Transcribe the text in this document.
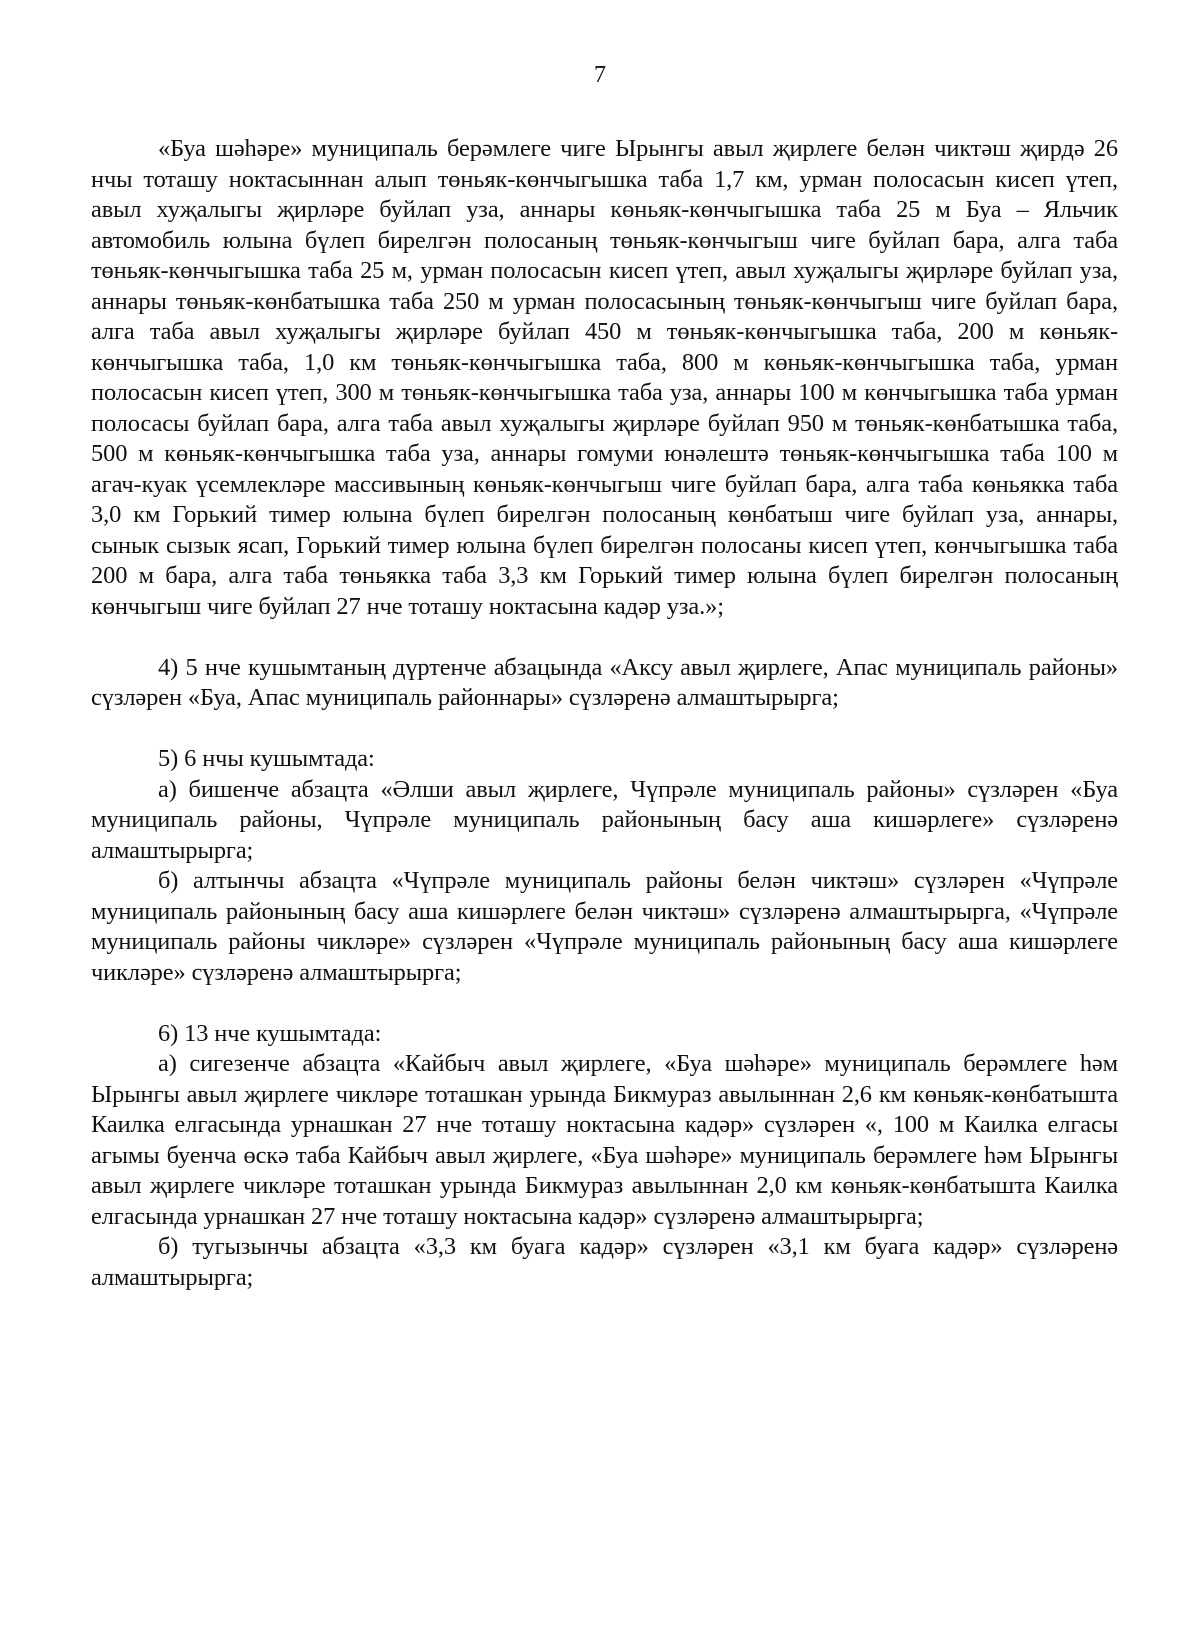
7

«Буа шәһәре» муниципаль берәмлеге чиге Ырынгы авыл җирлеге белән чиктәш җирдә 26 нчы тоташу ноктасыннан алып төньяк-көнчыгышка таба 1,7 км, урман полосасын кисеп үтеп, авыл хуҗалыгы җирләре буйлап уза, аннары көньяк-көнчыгышка таба 25 м Буа – Яльчик автомобиль юлына бүлеп бирелгән полосаның төньяк-көнчыгыш чиге буйлап бара, алга таба төньяк-көнчыгышка таба 25 м, урман полосасын кисеп үтеп, авыл хуҗалыгы җирләре буйлап уза, аннары төньяк-көнбатышка таба 250 м урман полосасының төньяк-көнчыгыш чиге буйлап бара, алга таба авыл хуҗалыгы җирләре буйлап 450 м төньяк-көнчыгышка таба, 200 м көньяк-көнчыгышка таба, 1,0 км төньяк-көнчыгышка таба, 800 м көньяк-көнчыгышка таба, урман полосасын кисеп үтеп, 300 м төньяк-көнчыгышка таба уза, аннары 100 м көнчыгышка таба урман полосасы буйлап бара, алга таба авыл хуҗалыгы җирләре буйлап 950 м төньяк-көнбатышка таба, 500 м көньяк-көнчыгышка таба уза, аннары гомуми юнәлештә төньяк-көнчыгышка таба 100 м агач-куак үсемлекләре массивының көньяк-көнчыгыш чиге буйлап бара, алга таба көньякка таба 3,0 км Горький тимер юлына бүлеп бирелгән полосаның көнбатыш чиге буйлап уза, аннары, сынык сызык ясап, Горький тимер юлына бүлеп бирелгән полосаны кисеп үтеп, көнчыгышка таба 200 м бара, алга таба төньякка таба 3,3 км Горький тимер юлына бүлеп бирелгән полосаның көнчыгыш чиге буйлап 27 нче тоташу ноктасына кадәр уза.»;

4) 5 нче кушымтаның дүртенче абзацында «Аксу авыл җирлеге, Апас муниципаль районы» сүзләрен «Буа, Апас муниципаль районнары» сүзләренә алмаштырырга;

5) 6 нчы кушымтада:

а) бишенче абзацта «Әлши авыл җирлеге, Чүпрәле муниципаль районы» сүзләрен «Буа муниципаль районы, Чүпрәле муниципаль районының басу аша кишәрлеге» сүзләренә алмаштырырга;

б) алтынчы абзацта «Чүпрәле муниципаль районы белән чиктәш» сүзләрен «Чүпрәле муниципаль районының басу аша кишәрлеге белән чиктәш» сүзләренә алмаштырырга, «Чүпрәле муниципаль районы чикләре» сүзләрен «Чүпрәле муниципаль районының басу аша кишәрлеге чикләре» сүзләренә алмаштырырга;

6) 13 нче кушымтада:

а) сигезенче абзацта «Кайбыч авыл җирлеге, «Буа шәһәре» муниципаль берәмлеге һәм Ырынгы авыл җирлеге чикләре тоташкан урында Бикмураз авылыннан 2,6 км көньяк-көнбатышта Каилка елгасында урнашкан 27 нче тоташу ноктасына кадәр» сүзләрен «, 100 м Каилка елгасы агымы буенча өскә таба Кайбыч авыл җирлеге, «Буа шәһәре» муниципаль берәмлеге һәм Ырынгы авыл җирлеге чикләре тоташкан урында Бикмураз авылыннан 2,0 км көньяк-көнбатышта Каилка елгасында урнашкан 27 нче тоташу ноктасына кадәр» сүзләренә алмаштырырга;

б) тугызынчы абзацта «3,3 км буага кадәр» сүзләрен «3,1 км буага кадәр» сүзләренә алмаштырырга;
